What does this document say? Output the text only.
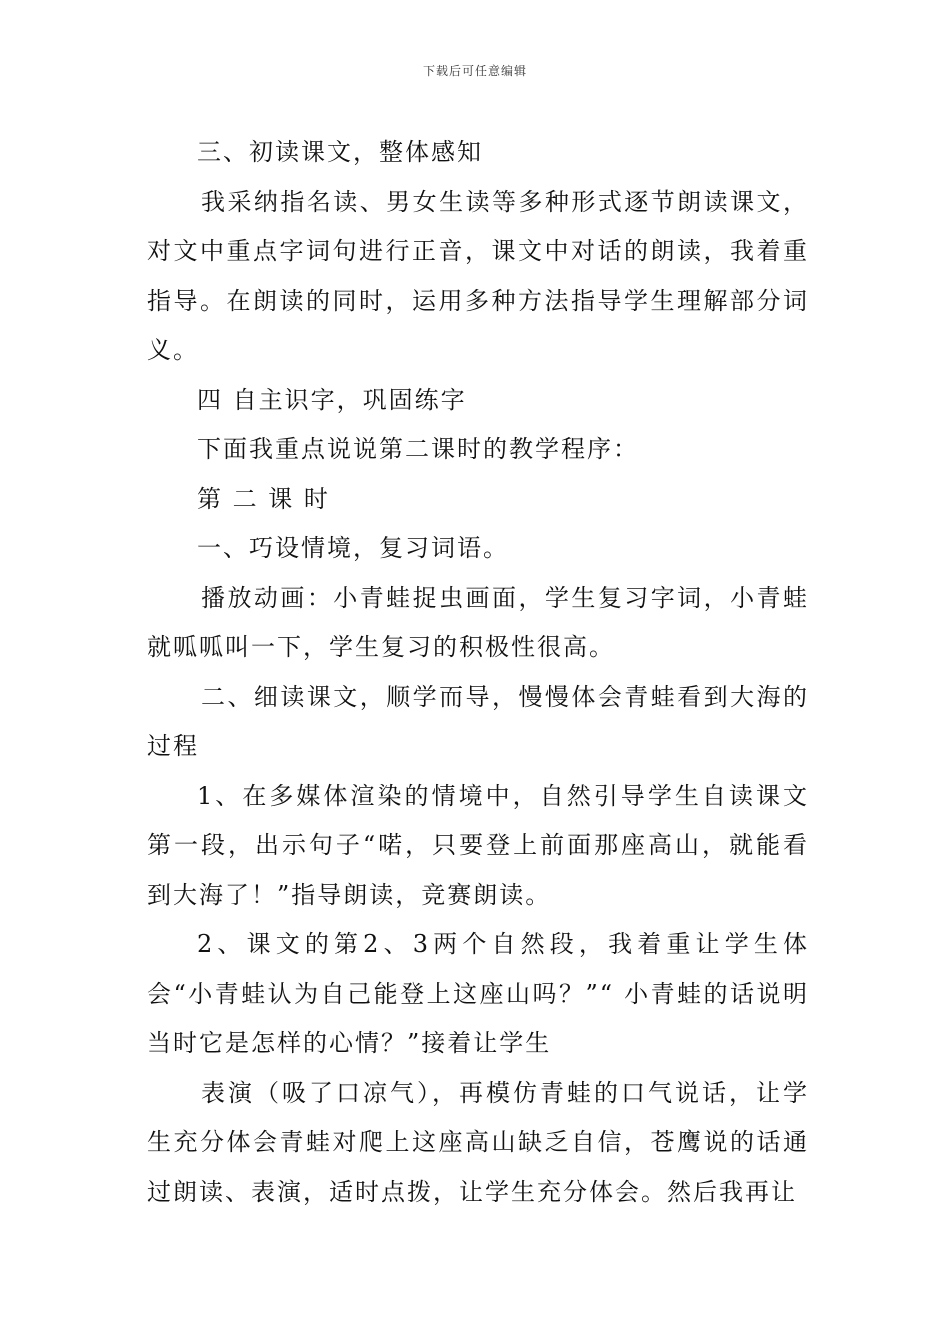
下载后可任意编辑

三、初读课文，整体感知

我采纳指名读、男女生读等多种形式逐节朗读课文，对文中重点字词句进行正音，课文中对话的朗读，我着重指导。在朗读的同时，运用多种方法指导学生理解部分词义。

四 自主识字，巩固练字

下面我重点说说第二课时的教学程序：

第 二 课 时

一、巧设情境，复习词语。

播放动画：小青蛙捉虫画面，学生复习字词，小青蛙就呱呱叫一下，学生复习的积极性很高。

二、细读课文，顺学而导，慢慢体会青蛙看到大海的过程

1、在多媒体渲染的情境中，自然引导学生自读课文第一段，出示句子“喏，只要登上前面那座高山，就能看到大海了！”指导朗读，竞赛朗读。

2、课文的第2、3两个自然段，我着重让学生体会“小青蛙认为自己能登上这座山吗？”“ 小青蛙的话说明当时它是怎样的心情？”接着让学生

表演（吸了口凉气），再模仿青蛙的口气说话，让学生充分体会青蛙对爬上这座高山缺乏自信，苍鹰说的话通过朗读、表演，适时点拨，让学生充分体会。然后我再让
